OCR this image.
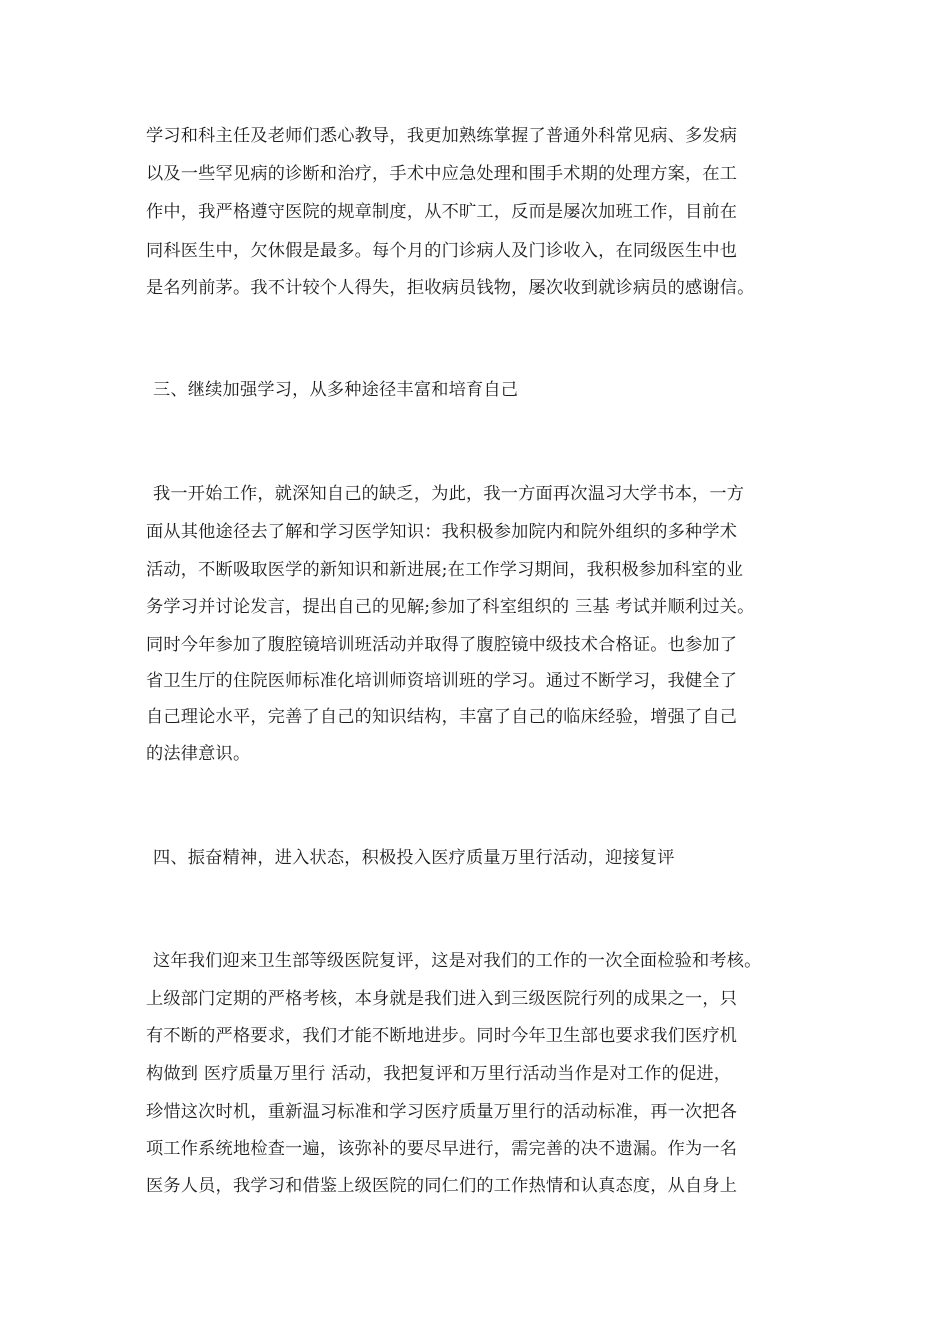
学习和科主任及老师们悉心教导，我更加熟练掌握了普通外科常见病、多发病
以及一些罕见病的诊断和治疗，手术中应急处理和围手术期的处理方案，在工
作中，我严格遵守医院的规章制度，从不旷工，反而是屡次加班工作，目前在
同科医生中，欠休假是最多。每个月的门诊病人及门诊收入，在同级医生中也
是名列前茅。我不计较个人得失，拒收病员钱物，屡次收到就诊病员的感谢信。
三、继续加强学习，从多种途径丰富和培育自己
我一开始工作，就深知自己的缺乏，为此，我一方面再次温习大学书本，一方
面从其他途径去了解和学习医学知识：我积极参加院内和院外组织的多种学术
活动，不断吸取医学的新知识和新进展;在工作学习期间，我积极参加科室的业
务学习并讨论发言，提出自己的见解;参加了科室组织的 三基 考试并顺利过关。
同时今年参加了腹腔镜培训班活动并取得了腹腔镜中级技术合格证。也参加了
省卫生厅的住院医师标准化培训师资培训班的学习。通过不断学习，我健全了
自己理论水平，完善了自己的知识结构，丰富了自己的临床经验，增强了自己
的法律意识。
四、振奋精神，进入状态，积极投入医疗质量万里行活动，迎接复评
这年我们迎来卫生部等级医院复评，这是对我们的工作的一次全面检验和考核。
上级部门定期的严格考核，本身就是我们进入到三级医院行列的成果之一，只
有不断的严格要求，我们才能不断地进步。同时今年卫生部也要求我们医疗机
构做到 医疗质量万里行 活动，我把复评和万里行活动当作是对工作的促进，
珍惜这次时机，重新温习标准和学习医疗质量万里行的活动标准，再一次把各
项工作系统地检查一遍，该弥补的要尽早进行，需完善的决不遗漏。作为一名
医务人员，我学习和借鉴上级医院的同仁们的工作热情和认真态度，从自身上
